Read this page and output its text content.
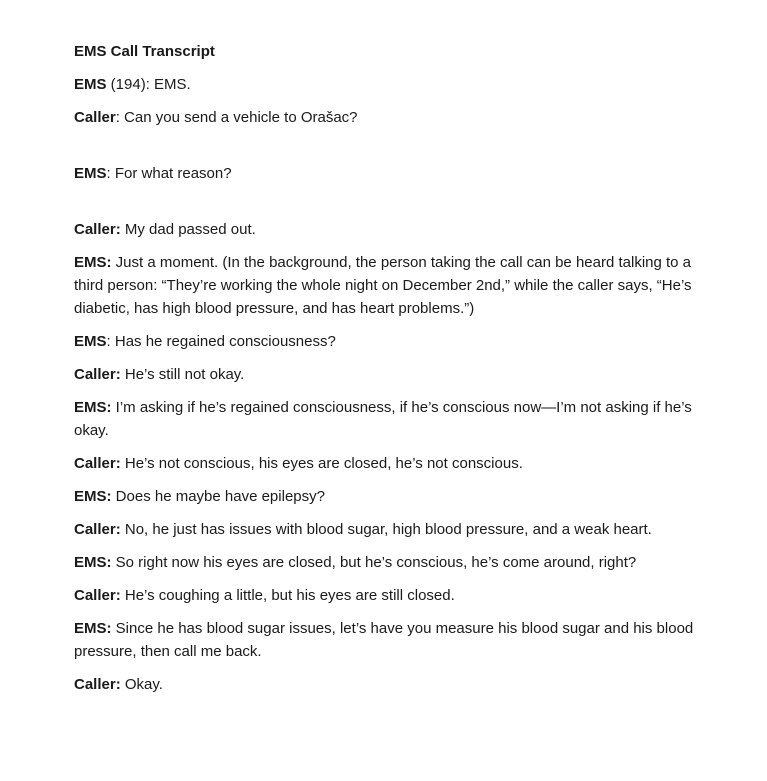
EMS Call Transcript
EMS (194): EMS.
Caller: Can you send a vehicle to Orašac?
EMS: For what reason?
Caller: My dad passed out.
EMS: Just a moment. (In the background, the person taking the call can be heard talking to a third person: “They’re working the whole night on December 2nd,” while the caller says, “He’s diabetic, has high blood pressure, and has heart problems.”)
EMS: Has he regained consciousness?
Caller: He’s still not okay.
EMS: I’m asking if he’s regained consciousness, if he’s conscious now—I’m not asking if he’s okay.
Caller: He’s not conscious, his eyes are closed, he’s not conscious.
EMS: Does he maybe have epilepsy?
Caller: No, he just has issues with blood sugar, high blood pressure, and a weak heart.
EMS: So right now his eyes are closed, but he’s conscious, he’s come around, right?
Caller: He’s coughing a little, but his eyes are still closed.
EMS: Since he has blood sugar issues, let’s have you measure his blood sugar and his blood pressure, then call me back.
Caller: Okay.
